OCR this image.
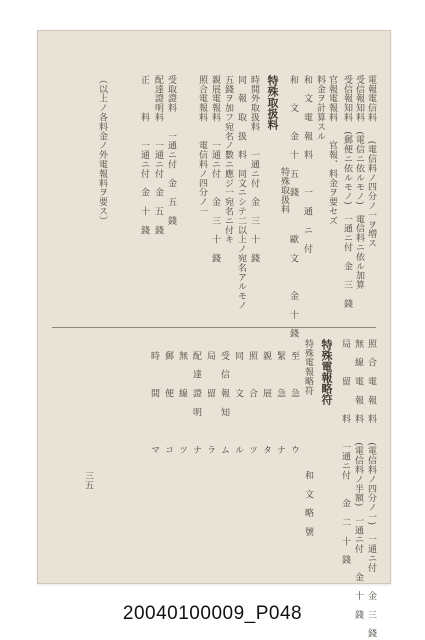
電報電信料　　(電信料ノ四分ノ一ヲ増ス
受信報知料　(電信ニ依ルモノ)　電信料ニ依ル加算
受信報知料　(郵便ニ依ルモノ)　一通ニ付　金　三　錢
官報電報料　　官報、料金ヲ要セズ
料金ヲ計算スル
和　文　電　報　料　　　一　通　ニ　付
和　　文　　金　十　五　錢　　　　歐　文　　　金　十　錢
特殊取扱料
時間外取扱料　　一通ニ付　金　三　十　錢
同　報　取　扱　料　同文ニシテ二以上ノ宛名アルモノ
五錢ヲ加フ宛名ノ數ニ應ジ一宛名ニ付キ
親展電報料　　一通ニ付　　金　三　十　錢
照合電報料　　電信料ノ四分ノ一
受取證料　　一通ニ付　金　五　錢
配達證明料　　一通ニ付　金　五　錢
正　　　料　　一通ニ付　金　十　錢
（以上ノ各料金ノ外電報料ヲ要ス）	特殊取扱料
照　合　電　報　料　　(電信料ノ四分ノ一)　一通ニ付　　金　三　錢
無　線　電　報　料　　(電信料ノ半額)　一通ニ付　　金　十　錢
局　　　留　　　料　　一通ニ付　　金　二　十　錢
特殊電報略符
特殊電報略符　　　　　　　　和　文　略　號
至　　　急　　　　　ウ
緊　　　急　　　　　ナ
親　　　展　　　　　タ
照　　　合　　　　　ツ
同　　　文　　　　　ル
受　信　報　知　　　ム
局　　　留　　　　　ラ
配　達　證　明　　　ナ
無　　　線　　　　　ツ
郵　　　便　　　　　コ
時　　　間　　　　　マ
三五
20040100009_P048
